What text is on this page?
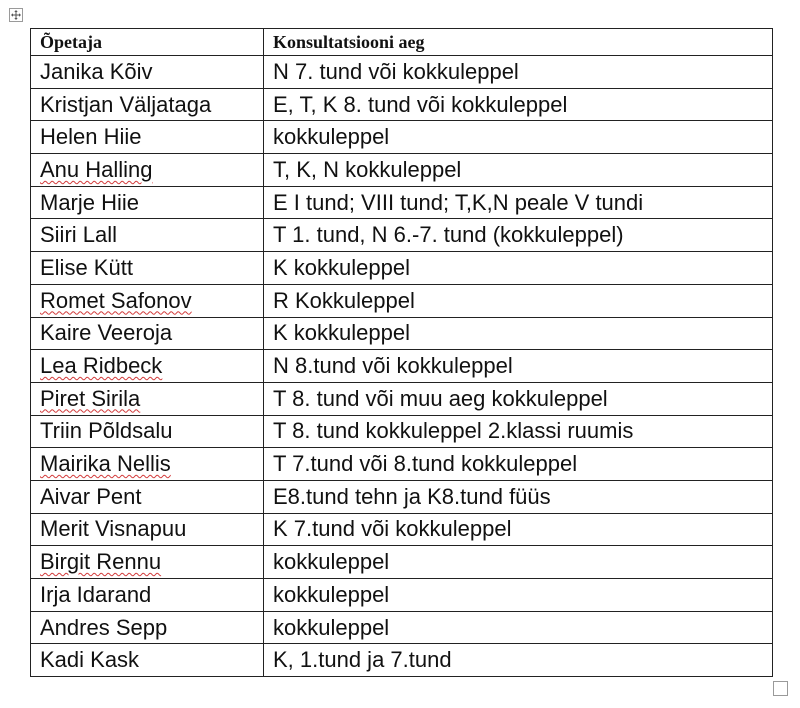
Õpetaja	Konsultatsiooni aeg
Janika Kõiv	N 7. tund või kokkuleppel
Kristjan Väljataga	E, T, K 8. tund või kokkuleppel
Helen Hiie	kokkuleppel
Anu Halling	T, K, N kokkuleppel
Marje Hiie	E I tund; VIII tund; T,K,N peale V tundi
Siiri Lall	T 1. tund, N 6.-7. tund (kokkuleppel)
Elise Kütt	K kokkuleppel
Romet Safonov	R Kokkuleppel
Kaire Veeroja	K kokkuleppel
Lea Ridbeck	N 8.tund või kokkuleppel
Piret Sirila	T 8. tund või muu aeg kokkuleppel
Triin Põldsalu	T 8. tund kokkuleppel 2.klassi ruumis
Mairika Nellis	T 7.tund või 8.tund kokkuleppel
Aivar Pent	E8.tund tehn ja K8.tund füüs
Merit Visnapuu	K 7.tund või kokkuleppel
Birgit Rennu	kokkuleppel
Irja Idarand	kokkuleppel
Andres Sepp	kokkuleppel
Kadi Kask	K, 1.tund ja 7.tund
